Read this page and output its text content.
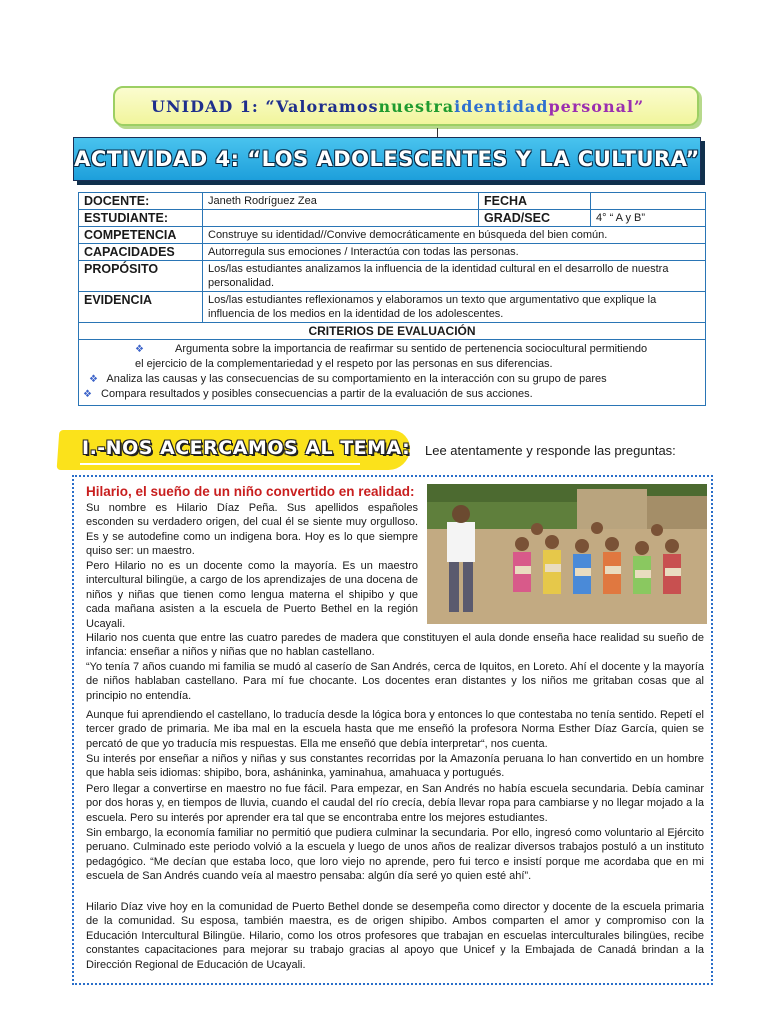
UNIDAD 1: “Valoramos nuestra identidad personal”
ACTIVIDAD 4: “LOS ADOLESCENTES Y LA CULTURA”
DOCENTE:	Janeth Rodríguez Zea	FECHA	
ESTUDIANTE:		GRAD/SEC	4° “ A y B”
COMPETENCIA	Construye su identidad//Convive democráticamente en búsqueda del bien común.		
CAPACIDADES	Autorregula sus emociones / Interactúa con todas las personas.		
PROPÓSITO	Los/las estudiantes analizamos la influencia de la identidad cultural en el desarrollo de nuestra personalidad.		
EVIDENCIA	Los/las estudiantes reflexionamos y elaboramos un texto que argumentativo que explique la influencia de los medios en la identidad de los adolescentes.		
CRITERIOS DE EVALUACIÓN			

❖ Argumenta sobre la importancia de reafirmar su sentido de pertenencia sociocultural permitiendo
el ejercicio de la complementariedad y el respeto por las personas en sus diferencias.
❖ Analiza las causas y las consecuencias de su comportamiento en la interacción con su grupo de pares
❖ Compara resultados y posibles consecuencias a partir de la evaluación de sus acciones.			
I.-NOS ACERCAMOS AL TEMA: Lee atentamente y responde las preguntas:
Hilario, el sueño de un niño convertido en realidad:
Su nombre es Hilario Díaz Peña. Sus apellidos españoles esconden su verdadero origen, del cual él se siente muy orgulloso. Es y se autodefine como un indigena bora. Hoy es lo que siempre quiso ser: un maestro.
Pero Hilario no es un docente como la mayoría. Es un maestro intercultural bilingüe, a cargo de los aprendizajes de una docena de niños y niñas que tienen como lengua materna el shipibo y que cada mañana asisten a la escuela de Puerto Bethel en la región Ucayali.
Hilario nos cuenta que entre las cuatro paredes de madera que constituyen el aula donde enseña hace realidad su sueño de infancia: enseñar a niños y niñas que no hablan castellano.
“Yo tenía 7 años cuando mi familia se mudó al caserío de San Andrés, cerca de Iquitos, en Loreto. Ahí el docente y la mayoría de niños hablaban castellano. Para mí fue chocante. Los docentes eran distantes y los niños me gritaban cosas que al principio no entendía.
Aunque fui aprendiendo el castellano, lo traducía desde la lógica bora y entonces lo que contestaba no tenía sentido. Repetí el tercer grado de primaria. Me iba mal en la escuela hasta que me enseñó la profesora Norma Esther Díaz García, quien se percató de que yo traducía mis respuestas. Ella me enseñó que debía interpretar“, nos cuenta.
Su interés por enseñar a niños y niñas y sus constantes recorridas por la Amazonía peruana lo han convertido en un hombre que habla seis idiomas: shipibo, bora, asháninka, yaminahua, amahuaca y portugués.
Pero llegar a convertirse en maestro no fue fácil. Para empezar, en San Andrés no había escuela secundaria. Debía caminar por dos horas y, en tiempos de lluvia, cuando el caudal del río crecía, debía llevar ropa para cambiarse y no llegar mojado a la escuela. Pero su interés por aprender era tal que se encontraba entre los mejores estudiantes.
Sin embargo, la economía familiar no permitió que pudiera culminar la secundaria. Por ello, ingresó como voluntario al Ejército peruano. Culminado este periodo volvió a la escuela y luego de unos años de realizar diversos trabajos postuló a un instituto pedagógico. “Me decían que estaba loco, que loro viejo no aprende, pero fui terco e insistí porque me acordaba que en mi escuela de San Andrés cuando veía al maestro pensaba: algún día seré yo quien esté ahí”.
Hilario Díaz vive hoy en la comunidad de Puerto Bethel donde se desempeña como director y docente de la escuela primaria de la comunidad. Su esposa, también maestra, es de origen shipibo. Ambos comparten el amor y compromiso con la Educación Intercultural Bilingüe. Hilario, como los otros profesores que trabajan en escuelas interculturales bilingües, recibe constantes capacitaciones para mejorar su trabajo gracias al apoyo que Unicef y la Embajada de Canadá brindan a la Dirección Regional de Educación de Ucayali.
